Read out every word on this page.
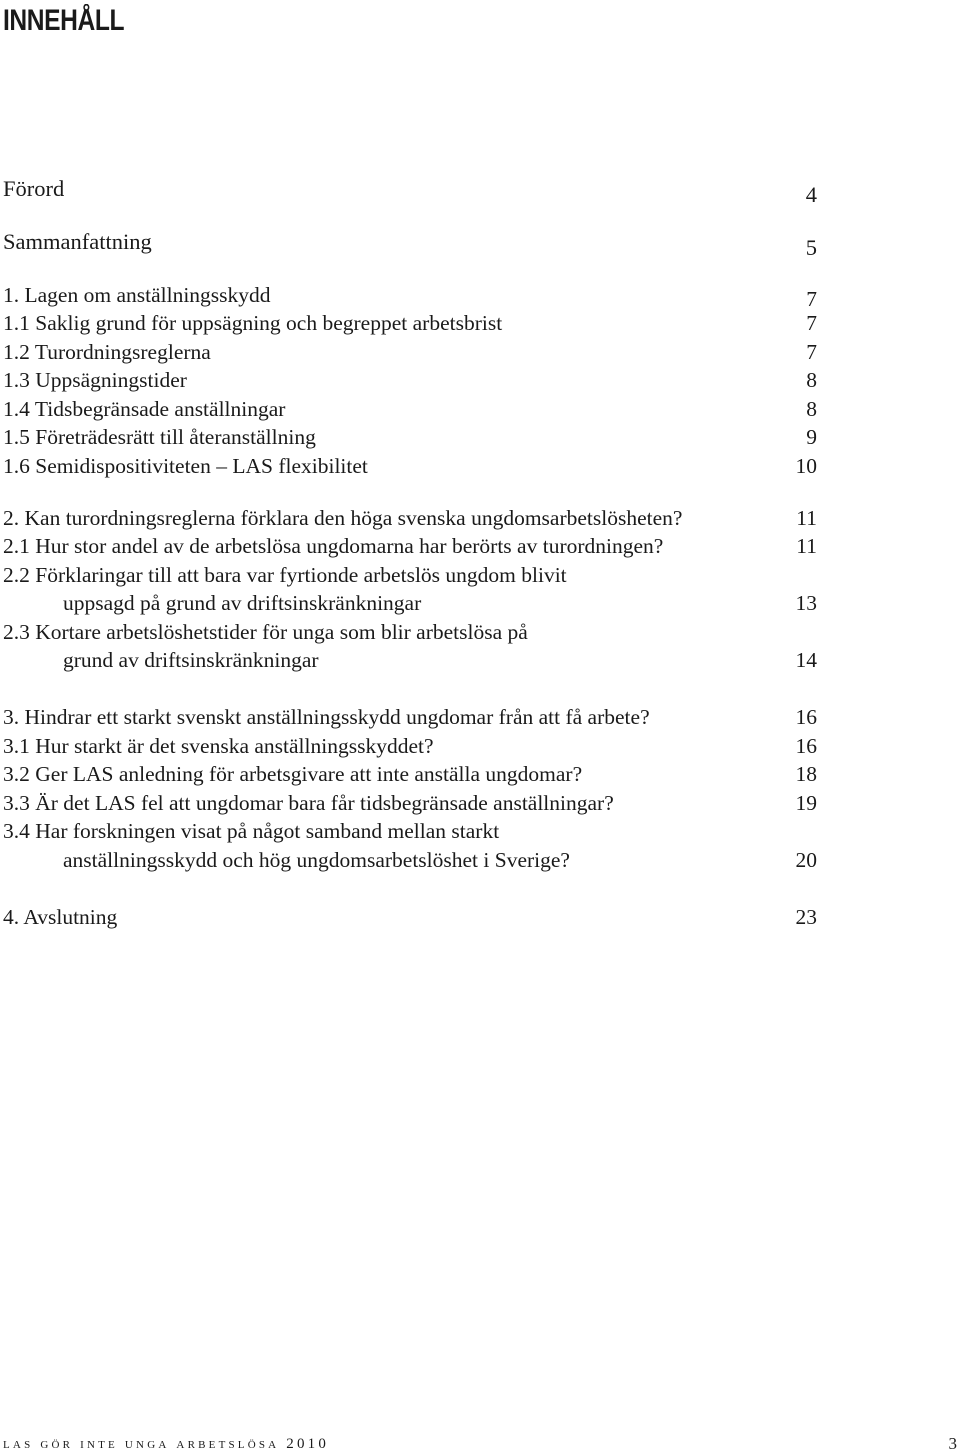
INNEHÅLL
Förord	4
Sammanfattning	5
1. Lagen om anställningsskydd	7
1.1 Saklig grund för uppsägning och begreppet arbetsbrist	7
1.2 Turordningsreglerna	7
1.3 Uppsägningstider	8
1.4 Tidsbegränsade anställningar	8
1.5 Företrädesrätt till återanställning	9
1.6 Semidispositiviteten – LAS flexibilitet	10
2. Kan turordningsreglerna förklara den höga svenska ungdomsarbetslösheten?	11
2.1 Hur stor andel av de arbetslösa ungdomarna har berörts av turordningen?	11
2.2 Förklaringar till att bara var fyrtionde arbetslös ungdom blivit
uppsagd på grund av driftsinskränkningar	13
2.3 Kortare arbetslöshetstider för unga som blir arbetslösa på
grund av driftsinskränkningar	14
3. Hindrar ett starkt svenskt anställningsskydd ungdomar från att få arbete?	16
3.1 Hur starkt är det svenska anställningsskyddet?	16
3.2 Ger LAS anledning för arbetsgivare att inte anställa ungdomar?	18
3.3 Är det LAS fel att ungdomar bara får tidsbegränsade anställningar?	19
3.4 Har forskningen visat på något samband mellan starkt
anställningsskydd och hög ungdomsarbetslöshet i Sverige?	20
4. Avslutning	23
las gör inte unga arbetslösa 2010	3
